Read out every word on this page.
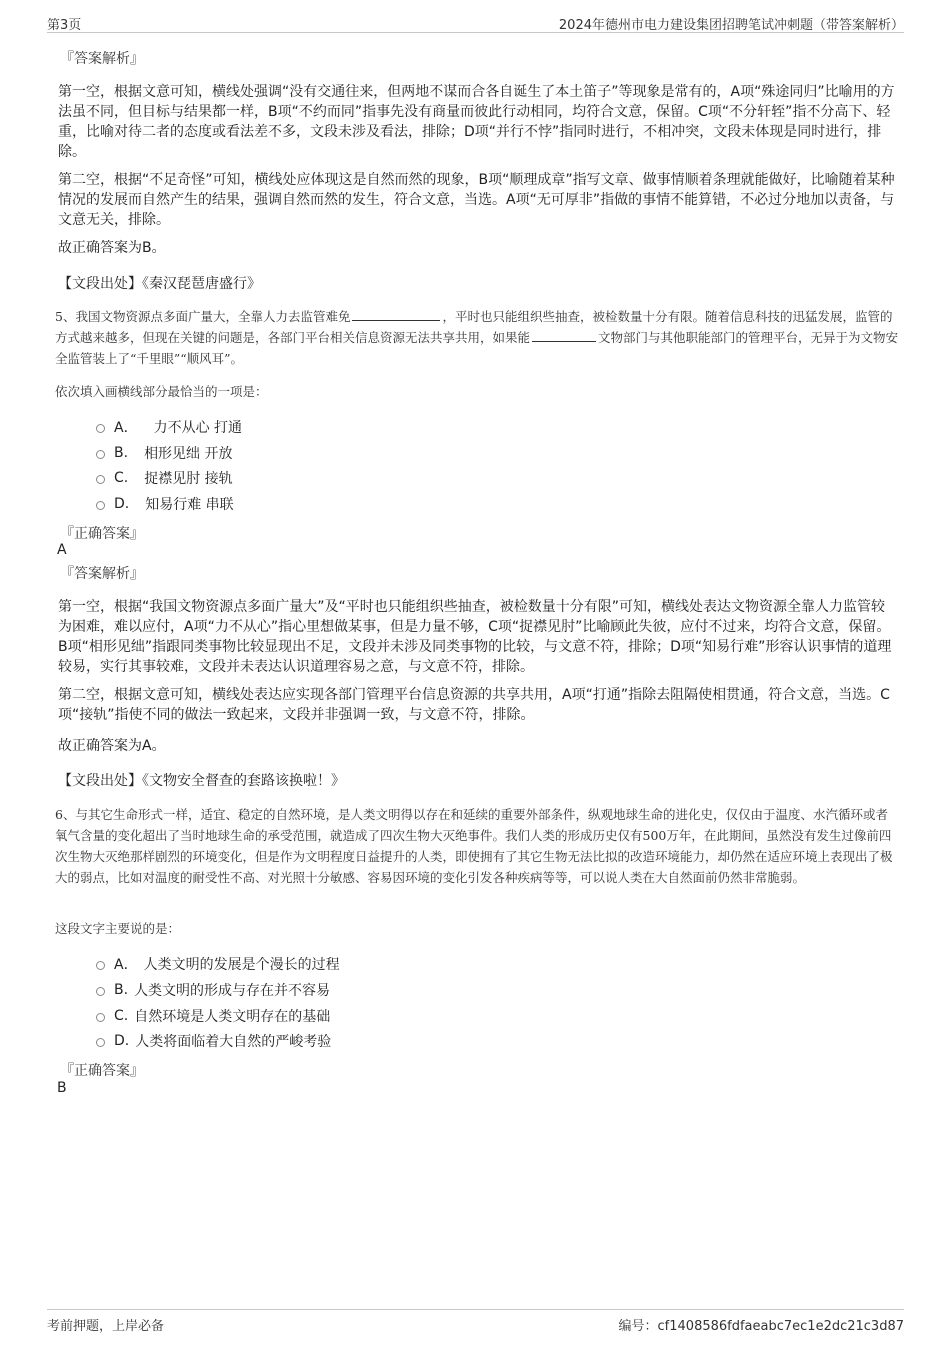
第3页	2024年德州市电力建设集团招聘笔试冲刺题（带答案解析）
『答案解析』
第一空，根据文意可知，横线处强调“没有交通往来，但两地不谋而合各自诞生了本土笛子”等现象是常有的，A项“殊途同归”比喻用的方法虽不同，但目标与结果都一样，B项“不约而同”指事先没有商量而彼此行动相同，均符合文意，保留。C项“不分轩轾”指不分高下、轻重，比喻对待二者的态度或看法差不多，文段未涉及看法，排除；D项“并行不悖”指同时进行，不相冲突，文段未体现是同时进行，排除。
第二空，根据“不足奇怪”可知，横线处应体现这是自然而然的现象，B项“顺理成章”指写文章、做事情顺着条理就能做好，比喻随着某种情况的发展而自然产生的结果，强调自然而然的发生，符合文意，当选。A项“无可厚非”指做的事情不能算错，不必过分地加以责备，与文意无关，排除。
故正确答案为B。
【文段出处】《秦汉琵琶唐盛行》
5、我国文物资源点多面广量大，全靠人力去监管难免	，平时也只能组织些抽查，被检数量十分有限。随着信息科技的迅猛发展，监管的方式越来越多，但现在关键的问题是，各部门平台相关信息资源无法共享共用，如果能	文物部门与其他职能部门的管理平台，无异于为文物安全监管装上了“千里眼”“顺风耳”。
依次填入画横线部分最恰当的一项是：
A． 力不从心 打通
B. 相形见绌 开放
C. 捉襟见肘 接轨
D. 知易行难 串联
『正确答案』
A
『答案解析』
第一空，根据“我国文物资源点多面广量大”及“平时也只能组织些抽查，被检数量十分有限”可知，横线处表达文物资源全靠人力监管较为困难，难以应付，A项“力不从心”指心里想做某事，但是力量不够，C项“捉襟见肘”比喻顾此失彼，应付不过来，均符合文意，保留。B项“相形见绌”指跟同类事物比较显现出不足，文段并未涉及同类事物的比较，与文意不符，排除；D项“知易行难”形容认识事情的道理较易，实行其事较难，文段并未表达认识道理容易之意，与文意不符，排除。
第二空，根据文意可知，横线处表达应实现各部门管理平台信息资源的共享共用，A项“打通”指除去阻隔使相贯通，符合文意，当选。C项“接轨”指使不同的做法一致起来，文段并非强调一致，与文意不符，排除。
故正确答案为A。
【文段出处】《文物安全督查的套路该换啦！》
6、与其它生命形式一样，适宜、稳定的自然环境，是人类文明得以存在和延续的重要外部条件，纵观地球生命的进化史，仅仅由于温度、水汽循环或者氧气含量的变化超出了当时地球生命的承受范围，就造成了四次生物大灭绝事件。我们人类的形成历史仅有500万年，在此期间，虽然没有发生过像前四次生物大灭绝那样剧烈的环境变化，但是作为文明程度日益提升的人类，即使拥有了其它生物无法比拟的改造环境能力，却仍然在适应环境上表现出了极大的弱点，比如对温度的耐受性不高、对光照十分敏感、容易因环境的变化引发各种疾病等等，可以说人类在大自然面前仍然非常脆弱。
这段文字主要说的是：
A． 人类文明的发展是个漫长的过程
B. 人类文明的形成与存在并不容易
C. 自然环境是人类文明存在的基础
D. 人类将面临着大自然的严峻考验
『正确答案』
B
考前押题，上岸必备	编号：cf1408586fdfaeabc7ec1e2dc21c3d87
